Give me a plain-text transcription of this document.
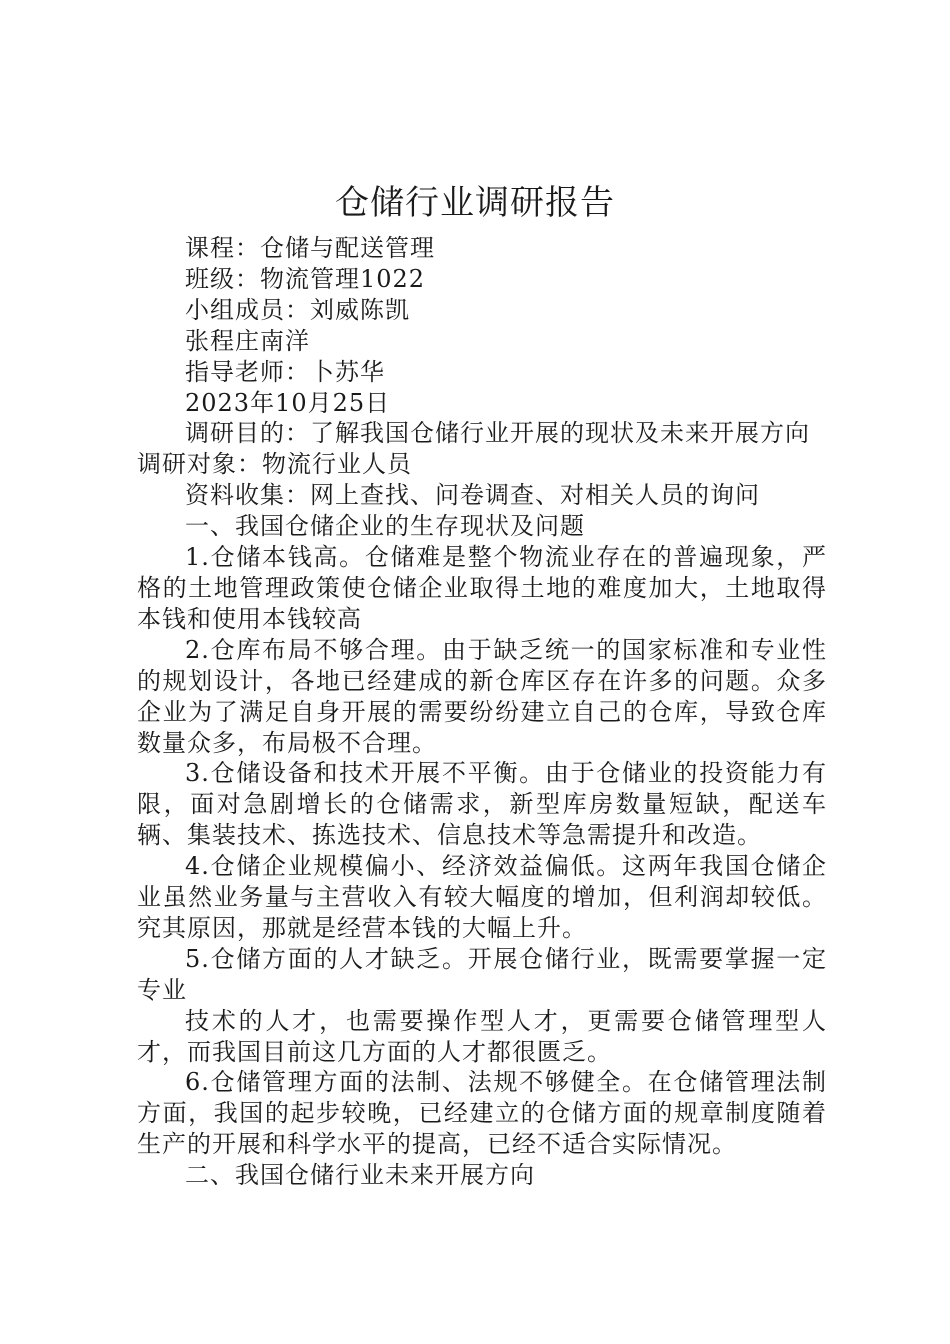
仓储行业调研报告

课程：仓储与配送管理

班级：物流管理1022

小组成员：刘威陈凯

张程庄南洋

指导老师：卜苏华

2023年10月25日

调研目的：了解我国仓储行业开展的现状及未来开展方向

调研对象：物流行业人员

资料收集：网上查找、问卷调查、对相关人员的询问

一、我国仓储企业的生存现状及问题

1.仓储本钱高。仓储难是整个物流业存在的普遍现象，严格的土地管理政策使仓储企业取得土地的难度加大，土地取得本钱和使用本钱较高

2.仓库布局不够合理。由于缺乏统一的国家标准和专业性的规划设计，各地已经建成的新仓库区存在许多的问题。众多企业为了满足自身开展的需要纷纷建立自己的仓库，导致仓库数量众多，布局极不合理。

3.仓储设备和技术开展不平衡。由于仓储业的投资能力有限，面对急剧增长的仓储需求，新型库房数量短缺，配送车辆、集装技术、拣选技术、信息技术等急需提升和改造。

4.仓储企业规模偏小、经济效益偏低。这两年我国仓储企业虽然业务量与主营收入有较大幅度的增加，但利润却较低。究其原因，那就是经营本钱的大幅上升。

5.仓储方面的人才缺乏。开展仓储行业，既需要掌握一定专业

技术的人才，也需要操作型人才，更需要仓储管理型人才，而我国目前这几方面的人才都很匮乏。

6.仓储管理方面的法制、法规不够健全。在仓储管理法制方面，我国的起步较晚，已经建立的仓储方面的规章制度随着生产的开展和科学水平的提高，已经不适合实际情况。

二、我国仓储行业未来开展方向
